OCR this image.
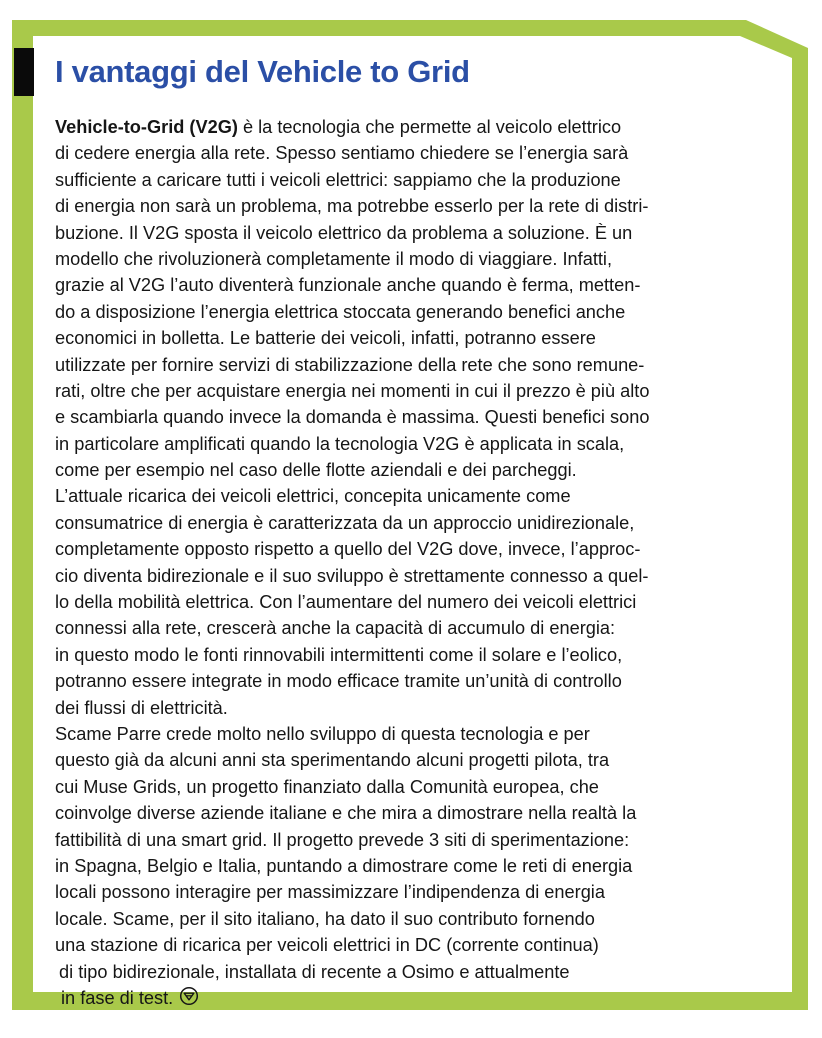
I vantaggi del Vehicle to Grid
Vehicle-to-Grid (V2G) è la tecnologia che permette al veicolo elettrico
di cedere energia alla rete. Spesso sentiamo chiedere se l’energia sarà
sufficiente a caricare tutti i veicoli elettrici: sappiamo che la produzione
di energia non sarà un problema, ma potrebbe esserlo per la rete di distri-
buzione. Il V2G sposta il veicolo elettrico da problema a soluzione. È un
modello che rivoluzionerà completamente il modo di viaggiare. Infatti,
grazie al V2G l’auto diventerà funzionale anche quando è ferma, metten-
do a disposizione l’energia elettrica stoccata generando benefici anche
economici in bolletta. Le batterie dei veicoli, infatti, potranno essere
utilizzate per fornire servizi di stabilizzazione della rete che sono remune-
rati, oltre che per acquistare energia nei momenti in cui il prezzo è più alto
e scambiarla quando invece la domanda è massima. Questi benefici sono
in particolare amplificati quando la tecnologia V2G è applicata in scala,
come per esempio nel caso delle flotte aziendali e dei parcheggi.
L’attuale ricarica dei veicoli elettrici, concepita unicamente come
consumatrice di energia è caratterizzata da un approccio unidirezionale,
completamente opposto rispetto a quello del V2G dove, invece, l’approc-
cio diventa bidirezionale e il suo sviluppo è strettamente connesso a quel-
lo della mobilità elettrica. Con l’aumentare del numero dei veicoli elettrici
connessi alla rete, crescerà anche la capacità di accumulo di energia:
in questo modo le fonti rinnovabili intermittenti come il solare e l’eolico,
potranno essere integrate in modo efficace tramite un’unità di controllo
dei flussi di elettricità.
Scame Parre crede molto nello sviluppo di questa tecnologia e per
questo già da alcuni anni sta sperimentando alcuni progetti pilota, tra
cui Muse Grids, un progetto finanziato dalla Comunità europea, che
coinvolge diverse aziende italiane e che mira a dimostrare nella realtà la
fattibilità di una smart grid. Il progetto prevede 3 siti di sperimentazione:
in Spagna, Belgio e Italia, puntando a dimostrare come le reti di energia
locali possono interagire per massimizzare l’indipendenza di energia
locale. Scame, per il sito italiano, ha dato il suo contributo fornendo
una stazione di ricarica per veicoli elettrici in DC (corrente continua)
di tipo bidirezionale, installata di recente a Osimo e attualmente
in fase di test.
